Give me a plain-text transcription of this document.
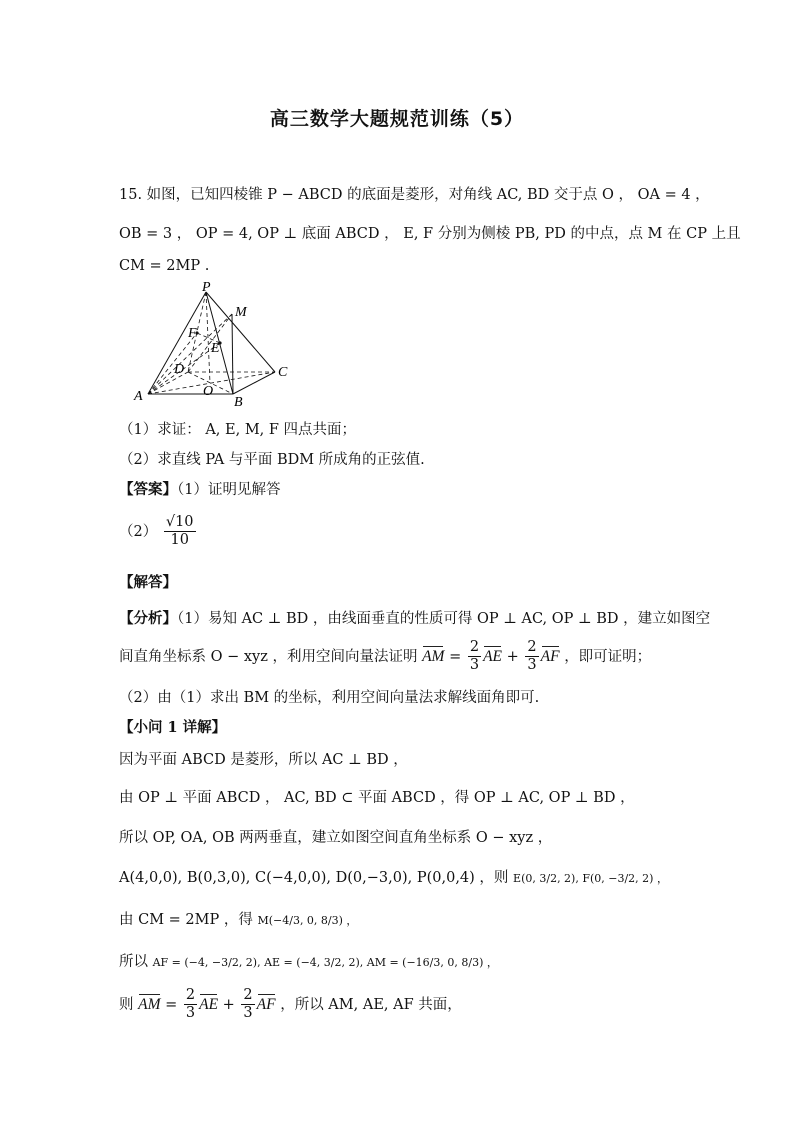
高三数学大题规范训练（5）
15. 如图，已知四棱锥 P − ABCD 的底面是菱形，对角线 AC, BD 交于点 O ， OA = 4 ，
OB = 3 ， OP = 4, OP ⊥ 底面 ABCD ， E, F 分别为侧棱 PB, PD 的中点，点 M 在 CP 上且
CM = 2MP .
P
M
F
E
D	C
O
A	B
（1）求证： A, E, M, F 四点共面；
（2）求直线 PA 与平面 BDM 所成角的正弦值.
【答案】（1）证明见解答
$(2) \frac{√10}{10}$
【解答】
【分析】（1）易知 AC ⊥ BD ，由线面垂直的性质可得 OP ⊥ AC, OP ⊥ BD ，建立如图空
间直角坐标系 O − xyz ，利用空间向量法证明 AM = $\frac{2}{3}$ AE + $\frac{2}{3}$ AF ，即可证明；
（2）由（1）求出 BM 的坐标，利用空间向量法求解线面角即可.
【小问 1 详解】
因为平面 ABCD 是菱形，所以 AC ⊥ BD ，
由 OP ⊥ 平面 ABCD ， AC, BD ⊂ 平面 ABCD ，得 OP ⊥ AC, OP ⊥ BD ，
所以 OP, OA, OB 两两垂直，建立如图空间直角坐标系 O − xyz ，
A(4,0,0), B(0,3,0), C(−4,0,0), D(0,−3,0), P(0,0,4) ，则 E(0, 3/2, 2), F(0, −3/2, 2) ，
由 CM = 2MP ，得 M(−4/3, 0, 8/3) ，
所以 AF = (−4, −3/2, 2), AE = (−4, 3/2, 2), AM = (−16/3, 0, 8/3) ，
则 AM = $\frac{2}{3}$ AE + $\frac{2}{3}$ AF ，所以 AM, AE, AF 共面，
